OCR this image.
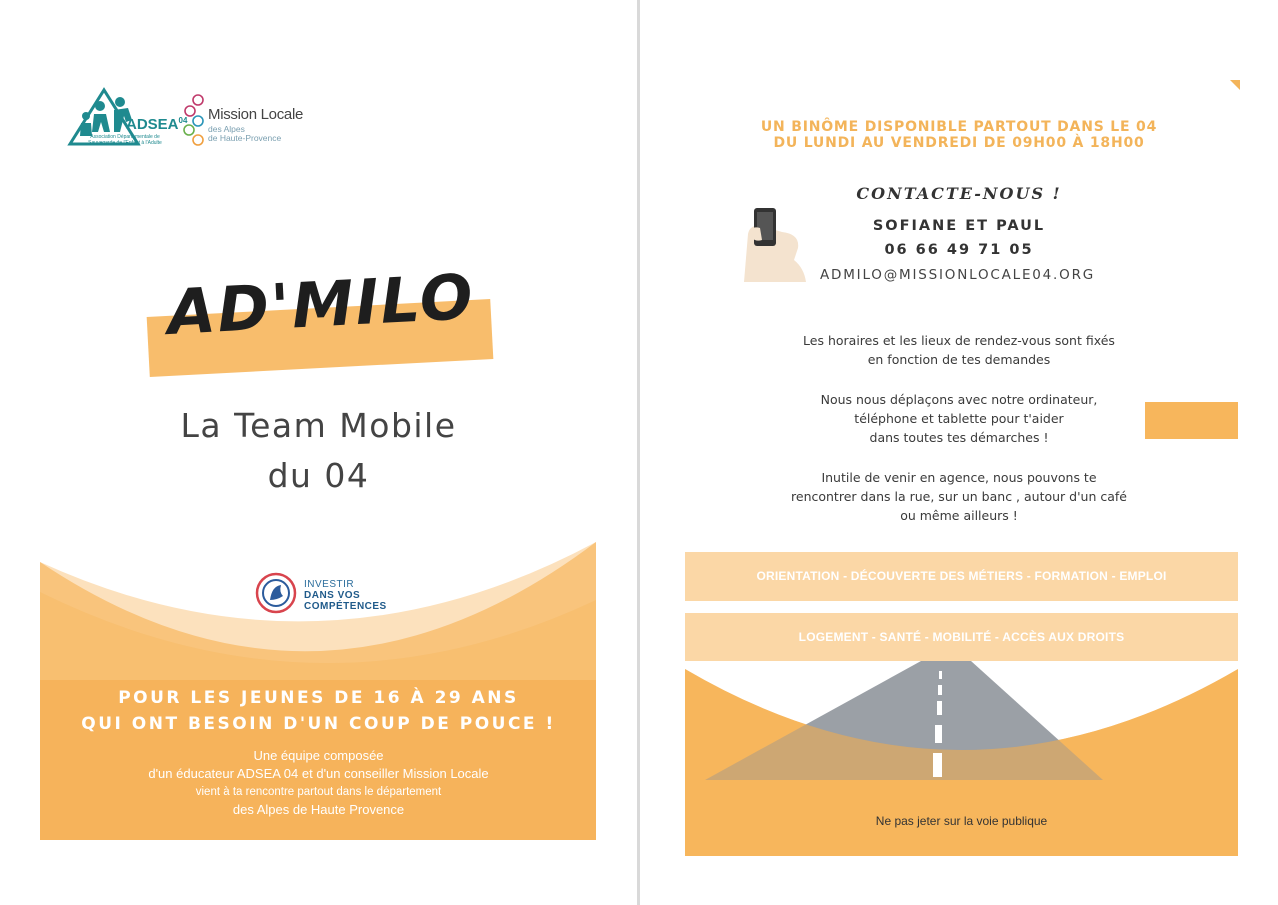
ADSEA$^{04}$
Association Départementale de
Sauvegarde de l'Enfant à l'Adulte
Mission Locale
des Alpes
de Haute-Provence
AD'MILO
La Team Mobile
du 04
INVESTIR
DANS VOS
COMPÉTENCES
POUR LES JEUNES DE 16 À 29 ANS
QUI ONT BESOIN D'UN COUP DE POUCE !
Une équipe composée
d'un éducateur ADSEA 04 et d'un conseiller Mission Locale
vient à ta rencontre partout dans le département
des Alpes de Haute Provence
UN BINÔME DISPONIBLE PARTOUT DANS LE 04
DU LUNDI AU VENDREDI DE 09H00 À 18H00
CONTACTE-NOUS !
SOFIANE ET PAUL
06 66 49 71 05
ADMILO@MISSIONLOCALE04.ORG
Les horaires et les lieux de rendez-vous sont fixés
en fonction de tes demandes
Nous nous déplaçons avec notre ordinateur,
téléphone et tablette pour t'aider
dans toutes tes démarches !
Inutile de venir en agence, nous pouvons te
rencontrer dans la rue, sur un banc , autour d'un café
ou même ailleurs !
ORIENTATION - DÉCOUVERTE DES MÉTIERS - FORMATION - EMPLOI
LOGEMENT - SANTÉ - MOBILITÉ - ACCÈS AUX DROITS
Ne pas jeter sur la voie publique
